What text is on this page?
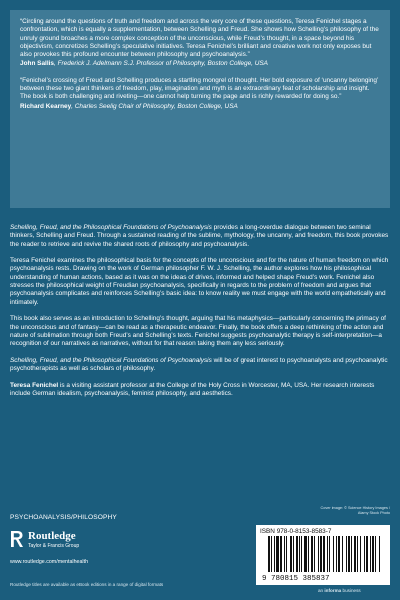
“Circling around the questions of truth and freedom and across the very core of these questions, Teresa Fenichel stages a confrontation, which is equally a supplementation, between Schelling and Freud. She shows how Schelling’s philosophy of the unruly ground broaches a more complex conception of the unconscious, while Freud’s thought, in a space beyond his objectivism, concretizes Schelling’s speculative initiatives. Teresa Fenichel’s brilliant and creative work not only exposes but also provokes this profound encounter between philosophy and psychoanalysis.”
John Sallis, Frederick J. Adelmann S.J. Professor of Philosophy, Boston College, USA
“Fenichel’s crossing of Freud and Schelling produces a startling mongrel of thought. Her bold exposure of ‘uncanny belonging’ between these two giant thinkers of freedom, play, imagination and myth is an extraordinary feat of scholarship and insight. The book is both challenging and riveting—one cannot help turning the page and is richly rewarded for doing so.”
Richard Kearney, Charles Seelig Chair of Philosophy, Boston College, USA

Schelling, Freud, and the Philosophical Foundations of Psychoanalysis provides a long-overdue dialogue between two seminal thinkers, Schelling and Freud. Through a sustained reading of the sublime, mythology, the uncanny, and freedom, this book provokes the reader to retrieve and revive the shared roots of philosophy and psychoanalysis.

Teresa Fenichel examines the philosophical basis for the concepts of the unconscious and for the nature of human freedom on which psychoanalysis rests. Drawing on the work of German philosopher F. W. J. Schelling, the author explores how his philosophical understanding of human actions, based as it was on the ideas of drives, informed and helped shape Freud’s work. Fenichel also stresses the philosophical weight of Freudian psychoanalysis, specifically in regards to the problem of freedom and argues that psychoanalysis complicates and reinforces Schelling’s basic idea: to know reality we must engage with the world empathetically and intimately.

This book also serves as an introduction to Schelling’s thought, arguing that his metaphysics—particularly concerning the primacy of the unconscious and of fantasy—can be read as a therapeutic endeavor. Finally, the book offers a deep rethinking of the action and nature of sublimation through both Freud’s and Schelling’s texts. Fenichel suggests psychoanalytic therapy is self-interpretation—a recognition of our narratives as narratives, without for that reason taking them any less seriously.

Schelling, Freud, and the Philosophical Foundations of Psychoanalysis will be of great interest to psychoanalysts and psychoanalytic psychotherapists as well as scholars of philosophy.

Teresa Fenichel is a visiting assistant professor at the College of the Holy Cross in Worcester, MA, USA. Her research interests include German idealism, psychoanalysis, feminist philosophy, and aesthetics.

PSYCHOANALYSIS/PHILOSOPHY
Routledge
Taylor & Francis Group
www.routledge.com/mentalhealth
Routledge titles are available as eBook editions in a range of digital formats
Cover image: © Science History Images /
Alamy Stock Photo
ISBN 978-0-8153-8583-7
9 780815 385837
an informa business
